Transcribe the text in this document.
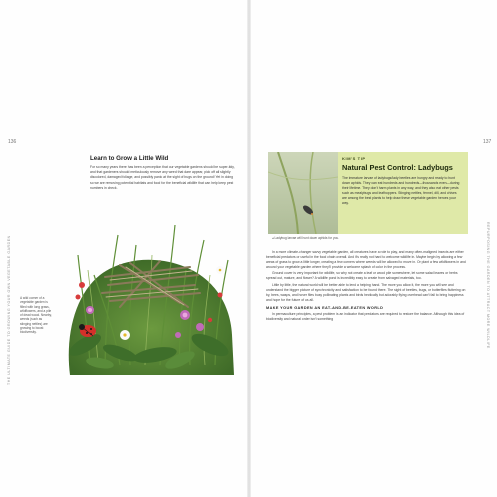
136
THE ULTIMATE GUIDE TO GROWING YOUR OWN VEGETABLE GARDEN
Learn to Grow a Little Wild

For so many years there has been a perception that our vegetable gardens should be super-tidy, and that gardeners should meticulously remove any weed that dare appear, pick off all slightly discolored, damaged foliage, and possibly panic at the sight of bugs on the ground! Yet in doing so we are removing potential habitats and food for the beneficial wildlife that can help keep pest numbers in check.

A wild corner of a vegetable garden is filled with long grass, wildflowers, and a pile of dead wood. Nearby, weeds (such as stinging nettles) are growing to boost biodiversity.

137
REPURPOSING THE GARDEN TO ATTRACT MORE WILDLIFE
KIM'S TIP
Natural Pest Control: Ladybugs

The immature larvae of ladybugs/lady beetles are hungry and ready to hunt down aphids. They can eat hundreds and hundreds—thousands even—during their lifetime. They don't harm plants in any way, and they also eat other pests such as mealybugs and leafhoppers. Stinging nettles, fennel, dill, and chives are among the best plants to help draw these vegetable garden heroes your way.

◂ Ladybug larvae will hunt down aphids for you.

In a more climate-changer savvy vegetable garden, all creatures have a role to play, and many often-maligned insects are either beneficial predators or useful in the food chain overall. And it's really not hard to welcome wildlife in. Maybe begin by allowing a few areas of grass to grow a little longer, creating a few corners where weeds will be allowed to move in. Or plant a few wildflowers in and around your vegetable garden where they'll provide a welcome splash of color in the process.

Ground cover is very important for wildlife, so why not create a leaf or wood pile somewhere, let some salad leaves or herbs spread out, mature, and flower? A wildlife pond is incredibly easy to create from salvaged materials, too.

Little by little, the natural world will be better able to lend a helping hand. The more you allow it, the more you will see and understand the bigger picture of synchronicity and satisfaction to be found there. The sight of beetles, bugs, or butterflies fluttering on by, bees, wasps, and hover flies busy pollinating plants and birds hectically but adorably flying overhead can't fail to bring happiness and hope for the future of us all.

MAKE YOUR GARDEN AN EAT-AND-BE-EATEN WORLD

In permaculture principles, a pest problem is an indicator that predators are required to restore the balance. Although this idea of biodiversity and natural order isn't something
